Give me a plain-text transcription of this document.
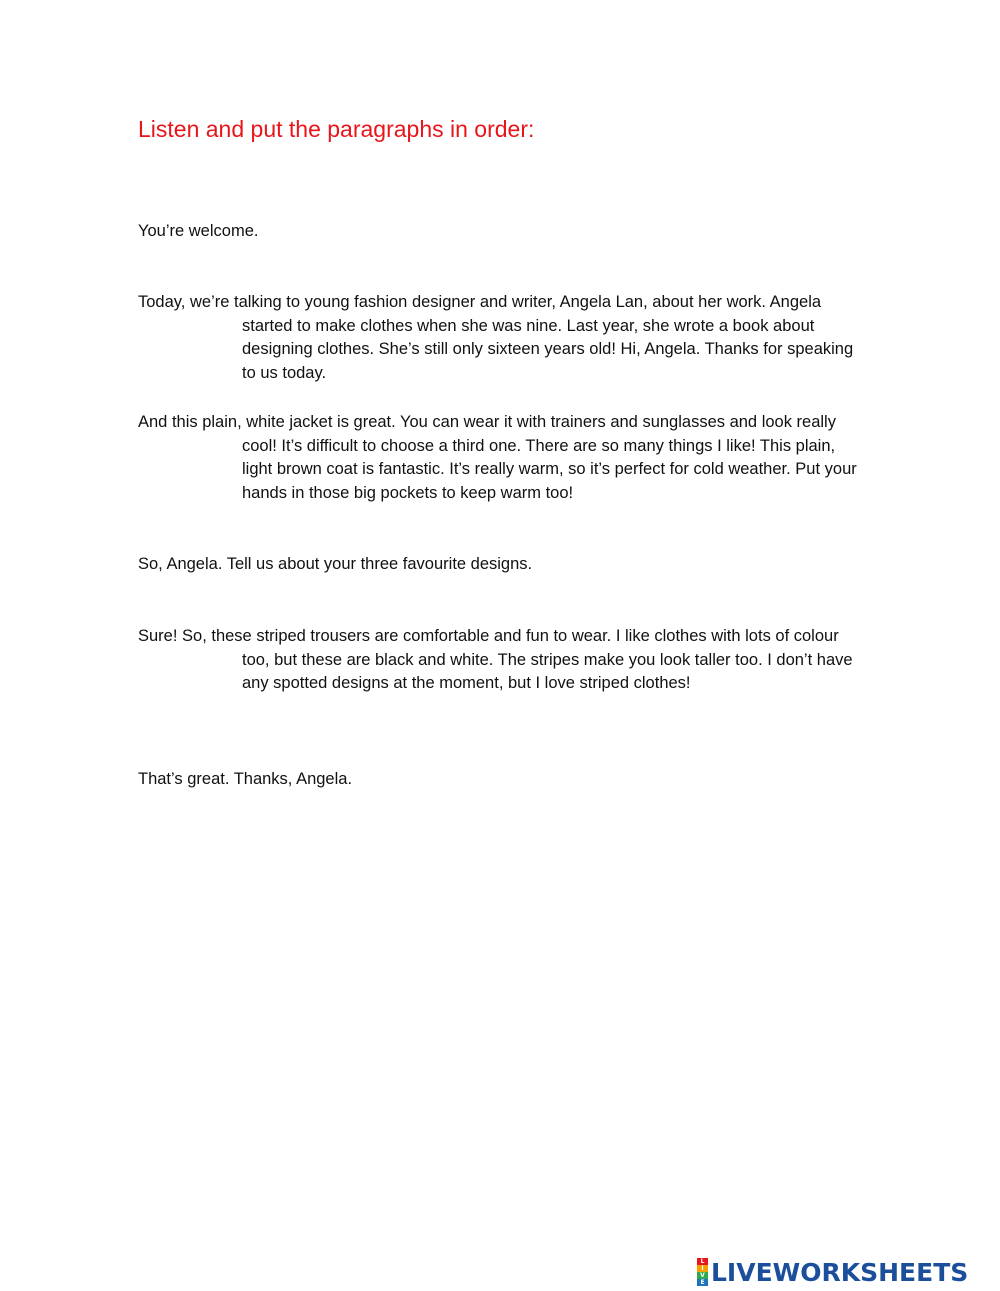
Listen and put the paragraphs in order:

You’re welcome.

Today, we’re talking to young fashion designer and writer, Angela Lan, about her work. Angela started to make clothes when she was nine. Last year, she wrote a book about designing clothes. She’s still only sixteen years old! Hi, Angela. Thanks for speaking to us today.

And this plain, white jacket is great. You can wear it with trainers and sunglasses and look really cool! It’s difficult to choose a third one. There are so many things I like! This plain, light brown coat is fantastic. It’s really warm, so it’s perfect for cold weather. Put your hands in those big pockets to keep warm too!

So, Angela. Tell us about your three favourite designs.

Sure! So, these striped trousers are comfortable and fun to wear. I like clothes with lots of colour too, but these are black and white. The stripes make you look taller too. I don’t have any spotted designs at the moment, but I love striped clothes!

That’s great. Thanks, Angela.

L
I
V
E LIVEWORKSHEETS
